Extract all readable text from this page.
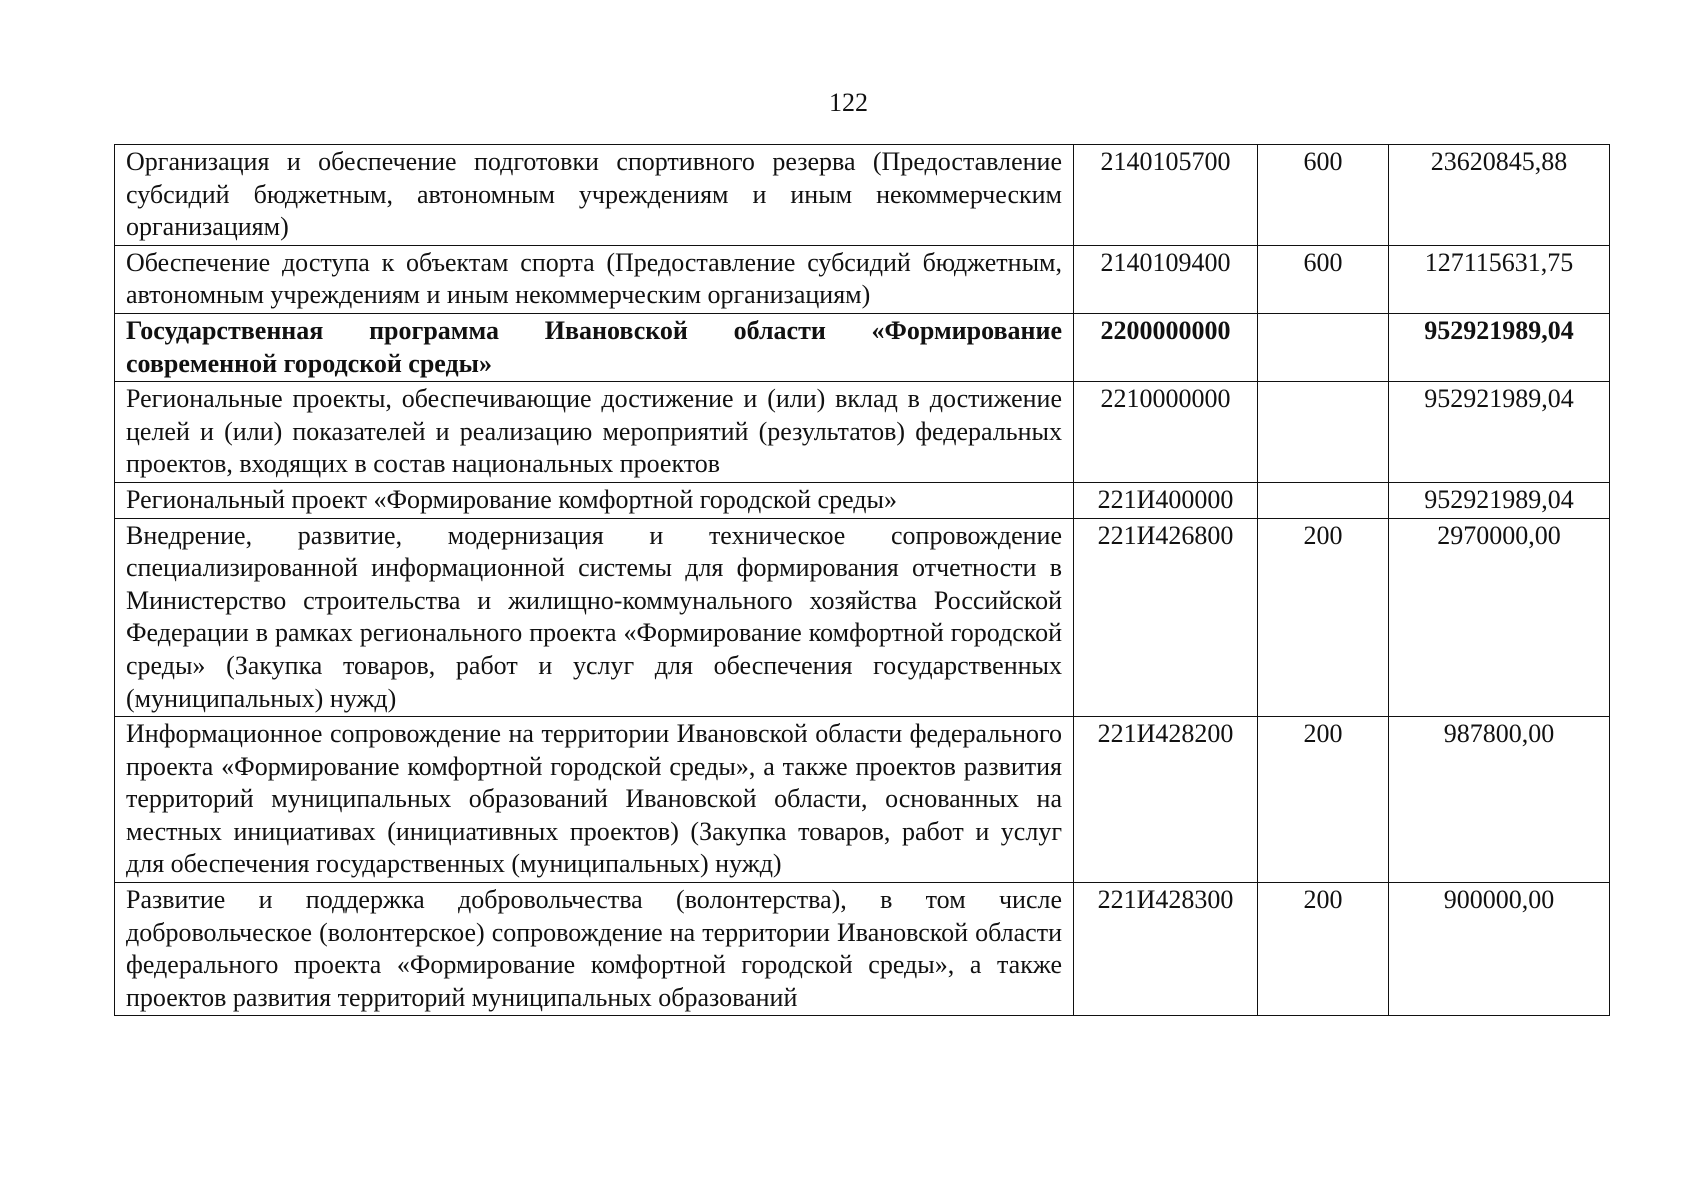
122
Организация и обеспечение подготовки спортивного резерва (Предоставление субсидий бюджетным, автономным учреждениям и иным некоммерческим организациям)	2140105700	600	23620845,88
Обеспечение доступа к объектам спорта (Предоставление субсидий бюджетным, автономным учреждениям и иным некоммерческим организациям)	2140109400	600	127115631,75
Государственная программа Ивановской области «Формирование современной городской среды»	2200000000		952921989,04
Региональные проекты, обеспечивающие достижение и (или) вклад в достижение целей и (или) показателей и реализацию мероприятий (результатов) федеральных проектов, входящих в состав национальных проектов	2210000000		952921989,04
Региональный проект «Формирование комфортной городской среды»	221И400000		952921989,04
Внедрение, развитие, модернизация и техническое сопровождение специализированной информационной системы для формирования отчетности в Министерство строительства и жилищно-коммунального хозяйства Российской Федерации в рамках регионального проекта «Формирование комфортной городской среды» (Закупка товаров, работ и услуг для обеспечения государственных (муниципальных) нужд)	221И426800	200	2970000,00
Информационное сопровождение на территории Ивановской области федерального проекта «Формирование комфортной городской среды», а также проектов развития территорий муниципальных образований Ивановской области, основанных на местных инициативах (инициативных проектов) (Закупка товаров, работ и услуг для обеспечения государственных (муниципальных) нужд)	221И428200	200	987800,00
Развитие и поддержка добровольчества (волонтерства), в том числе добровольческое (волонтерское) сопровождение на территории Ивановской области федерального проекта «Формирование комфортной городской среды», а также проектов развития территорий муниципальных образований	221И428300	200	900000,00
